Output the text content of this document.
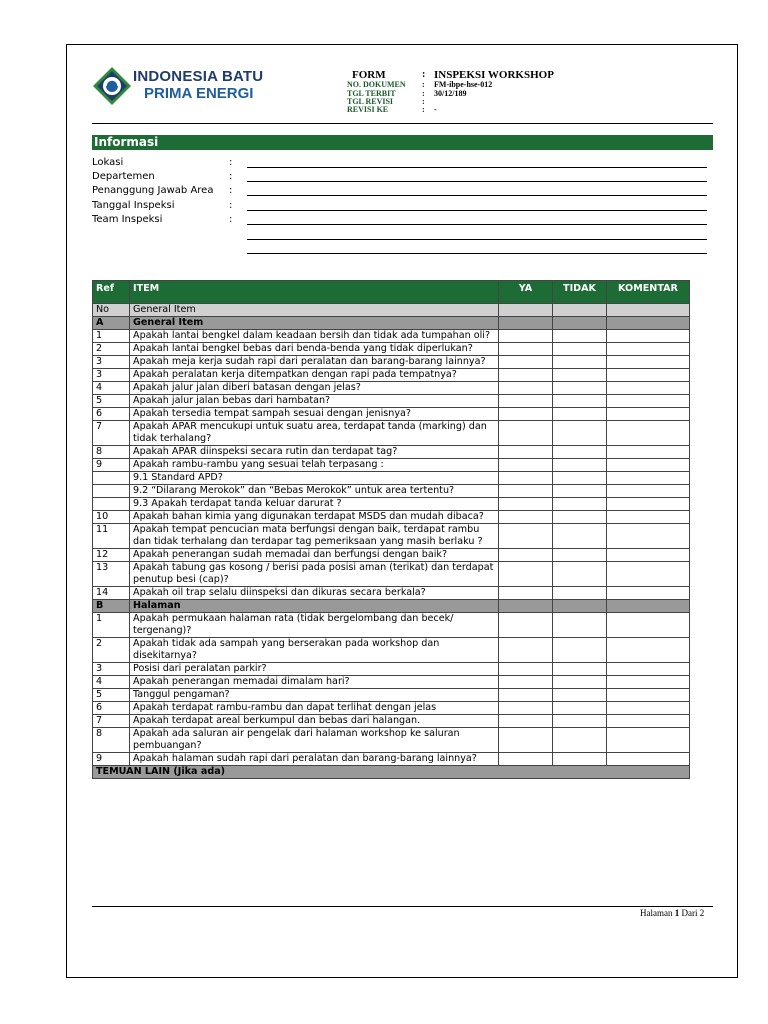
INDONESIA BATU
PRIMA ENERGI
FORM	: INSPEKSI WORKSHOP
NO. DOKUMEN : FM-ibpe-hse-012
TGL TERBIT	: 30/12/189
TGL REVISI	:
REVISI KE	: -
Informasi
Lokasi	:
Departemen	:
Penanggung Jawab Area :
Tanggal Inspeksi	:
Team Inspeksi	:
Ref	ITEM	YA	TIDAK	KOMENTAR
No	General Item			
A	General Item			
1	Apakah lantai bengkel dalam keadaan bersih dan tidak ada tumpahan oli?			
2	Apakah lantai bengkel bebas dari benda-benda yang tidak diperlukan?			
3	Apakah meja kerja sudah rapi dari peralatan dan barang-barang lainnya?			
3	Apakah peralatan kerja ditempatkan dengan rapi pada tempatnya?			
4	Apakah jalur jalan diberi batasan dengan jelas?			
5	Apakah jalur jalan bebas dari hambatan?			
6	Apakah tersedia tempat sampah sesuai dengan jenisnya?			
7	Apakah APAR mencukupi untuk suatu area, terdapat tanda (marking) dan tidak terhalang?			
8	Apakah APAR diinspeksi secara rutin dan terdapat tag?			
9	Apakah rambu-rambu yang sesuai telah terpasang :			
	9.1 Standard APD?			
	9.2 “Dilarang Merokok” dan “Bebas Merokok” untuk area tertentu?			
	9.3 Apakah terdapat tanda keluar darurat ?			
10	Apakah bahan kimia yang digunakan terdapat MSDS dan mudah dibaca?			
11	Apakah tempat pencucian mata berfungsi dengan baik, terdapat rambu dan tidak terhalang dan terdapar tag pemeriksaan yang masih berlaku ?			
12	Apakah penerangan sudah memadai dan berfungsi dengan baik?			
13	Apakah tabung gas kosong / berisi pada posisi aman (terikat) dan terdapat penutup besi (cap)?			
14	Apakah oil trap selalu diinspeksi dan dikuras secara berkala?			
B	Halaman			
1	Apakah permukaan halaman rata (tidak bergelombang dan becek/ tergenang)?			
2	Apakah tidak ada sampah yang berserakan pada workshop dan disekitarnya?			
3	Posisi dari peralatan parkir?			
4	Apakah penerangan memadai dimalam hari?			
5	Tanggul pengaman?			
6	Apakah terdapat rambu-rambu dan dapat terlihat dengan jelas			
7	Apakah terdapat areal berkumpul dan bebas dari halangan.			
8	Apakah ada saluran air pengelak dari halaman workshop ke saluran pembuangan?			
9	Apakah halaman sudah rapi dari peralatan dan barang-barang lainnya?			
TEMUAN LAIN (Jika ada)				
Halaman 1 Dari 2
